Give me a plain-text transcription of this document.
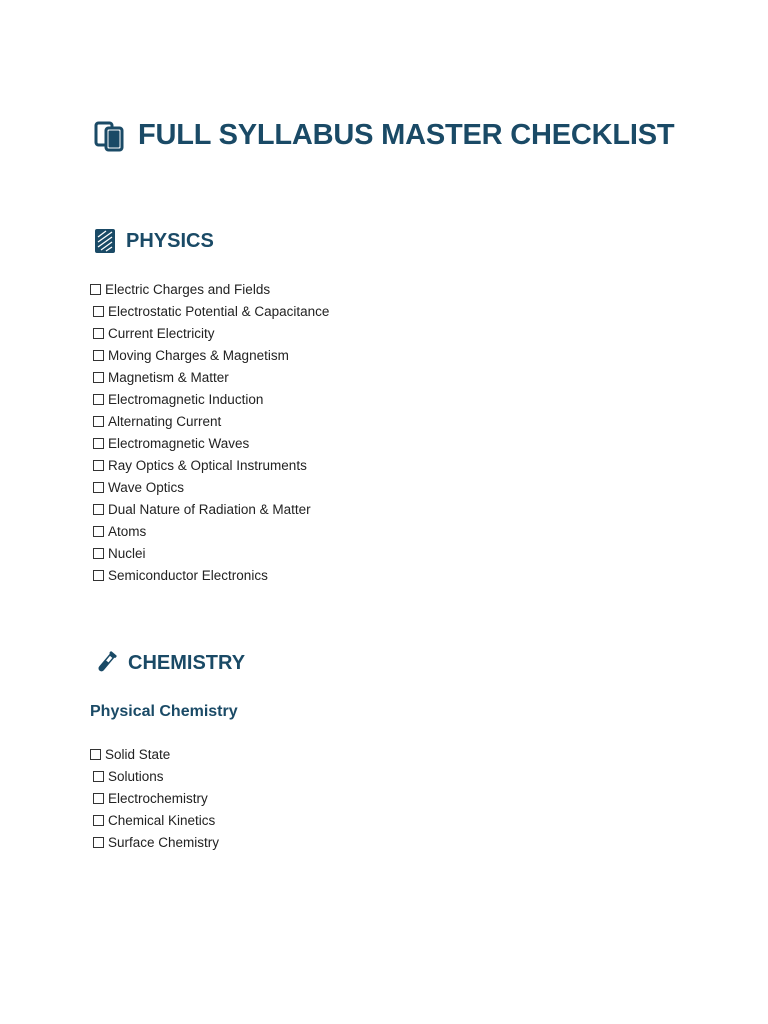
FULL SYLLABUS MASTER CHECKLIST
PHYSICS
Electric Charges and Fields
Electrostatic Potential & Capacitance
Current Electricity
Moving Charges & Magnetism
Magnetism & Matter
Electromagnetic Induction
Alternating Current
Electromagnetic Waves
Ray Optics & Optical Instruments
Wave Optics
Dual Nature of Radiation & Matter
Atoms
Nuclei
Semiconductor Electronics
CHEMISTRY
Physical Chemistry
Solid State
Solutions
Electrochemistry
Chemical Kinetics
Surface Chemistry
